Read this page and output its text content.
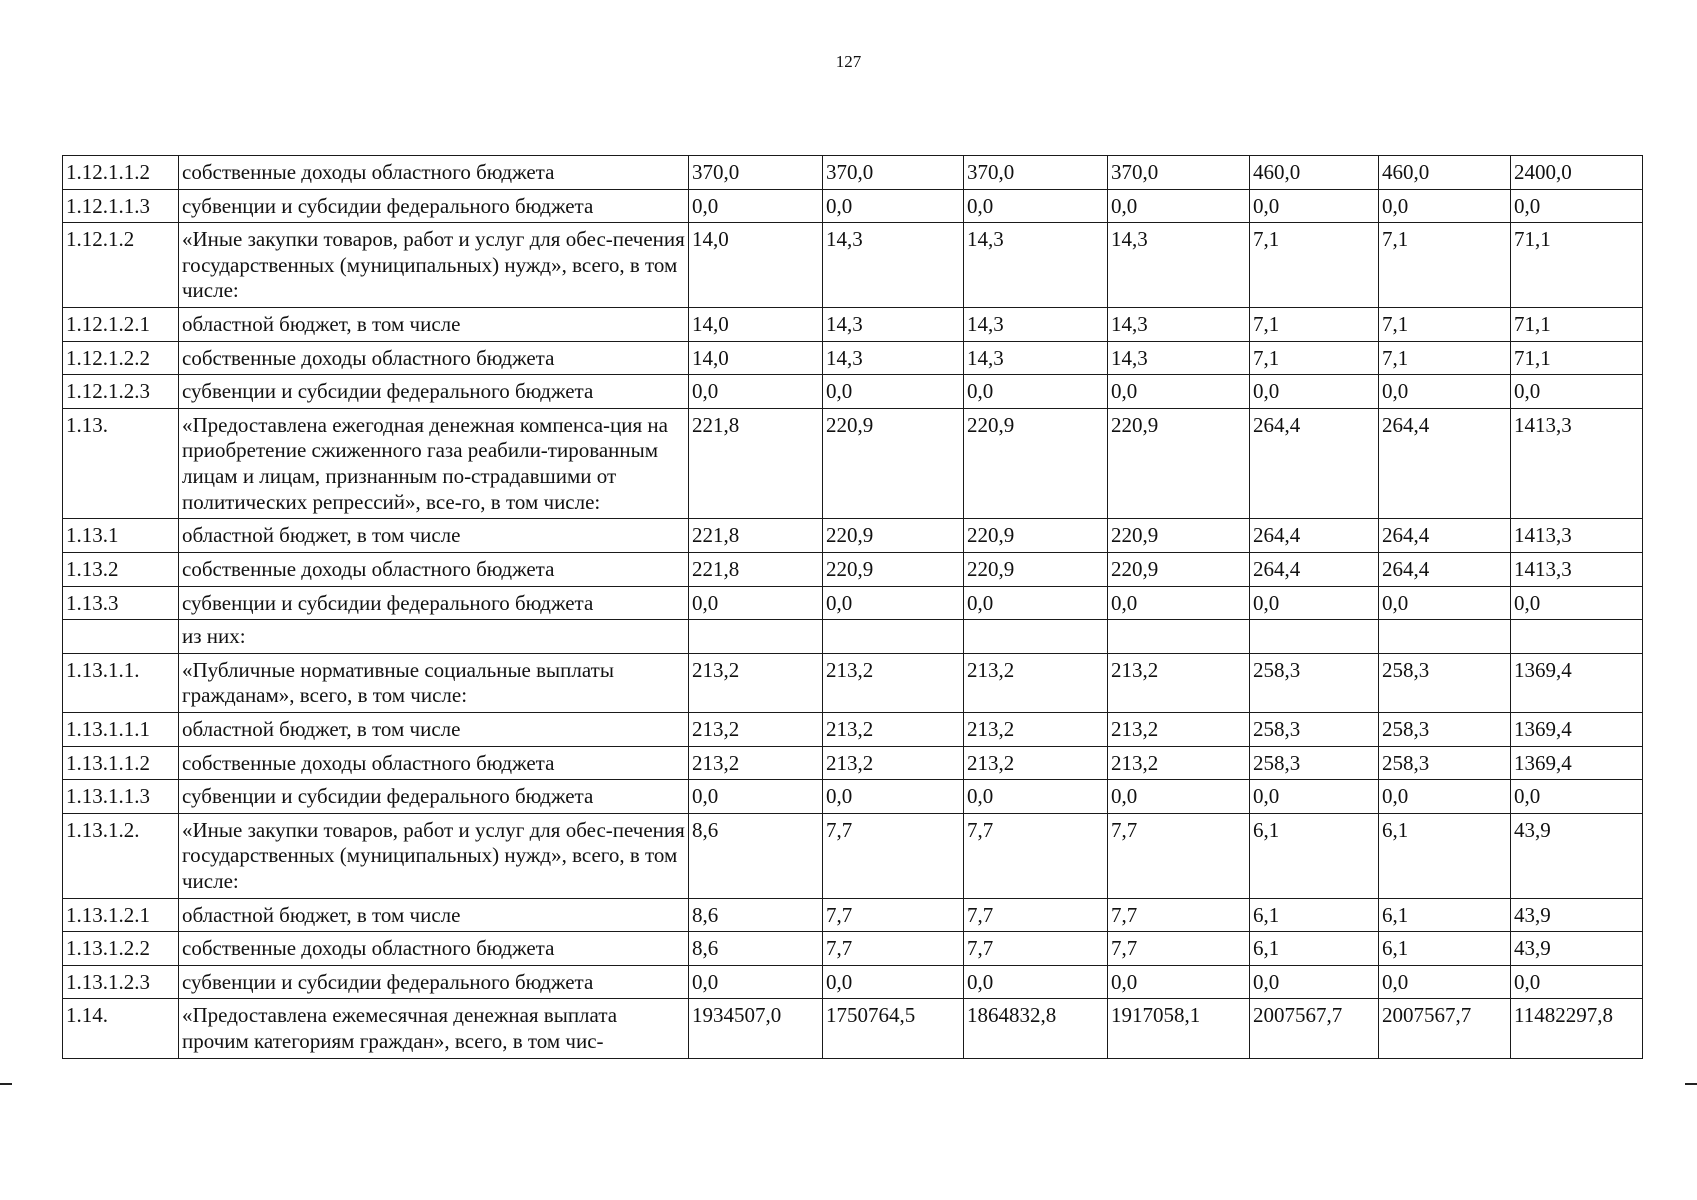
127
1.12.1.1.2	собственные доходы областного бюджета	370,0	370,0	370,0	370,0	460,0	460,0	2400,0
1.12.1.1.3	субвенции и субсидии федерального бюджета	0,0	0,0	0,0	0,0	0,0	0,0	0,0
1.12.1.2	«Иные закупки товаров, работ и услуг для обес-печения государственных (муниципальных) нужд», всего, в том числе:	14,0	14,3	14,3	14,3	7,1	7,1	71,1
1.12.1.2.1	областной бюджет, в том числе	14,0	14,3	14,3	14,3	7,1	7,1	71,1
1.12.1.2.2	собственные доходы областного бюджета	14,0	14,3	14,3	14,3	7,1	7,1	71,1
1.12.1.2.3	субвенции и субсидии федерального бюджета	0,0	0,0	0,0	0,0	0,0	0,0	0,0
1.13.	«Предоставлена ежегодная денежная компенса-ция на приобретение сжиженного газа реабили-тированным лицам и лицам, признанным по-страдавшими от политических репрессий», все-го, в том числе:	221,8	220,9	220,9	220,9	264,4	264,4	1413,3
1.13.1	областной бюджет, в том числе	221,8	220,9	220,9	220,9	264,4	264,4	1413,3
1.13.2	собственные доходы областного бюджета	221,8	220,9	220,9	220,9	264,4	264,4	1413,3
1.13.3	субвенции и субсидии федерального бюджета	0,0	0,0	0,0	0,0	0,0	0,0	0,0
	из них:							
1.13.1.1.	«Публичные нормативные социальные выплаты гражданам», всего, в том числе:	213,2	213,2	213,2	213,2	258,3	258,3	1369,4
1.13.1.1.1	областной бюджет, в том числе	213,2	213,2	213,2	213,2	258,3	258,3	1369,4
1.13.1.1.2	собственные доходы областного бюджета	213,2	213,2	213,2	213,2	258,3	258,3	1369,4
1.13.1.1.3	субвенции и субсидии федерального бюджета	0,0	0,0	0,0	0,0	0,0	0,0	0,0
1.13.1.2.	«Иные закупки товаров, работ и услуг для обес-печения государственных (муниципальных) нужд», всего, в том числе:	8,6	7,7	7,7	7,7	6,1	6,1	43,9
1.13.1.2.1	областной бюджет, в том числе	8,6	7,7	7,7	7,7	6,1	6,1	43,9
1.13.1.2.2	собственные доходы областного бюджета	8,6	7,7	7,7	7,7	6,1	6,1	43,9
1.13.1.2.3	субвенции и субсидии федерального бюджета	0,0	0,0	0,0	0,0	0,0	0,0	0,0
1.14.	«Предоставлена ежемесячная денежная выплата прочим категориям граждан», всего, в том чис-	1934507,0	1750764,5	1864832,8	1917058,1	2007567,7	2007567,7	11482297,8
